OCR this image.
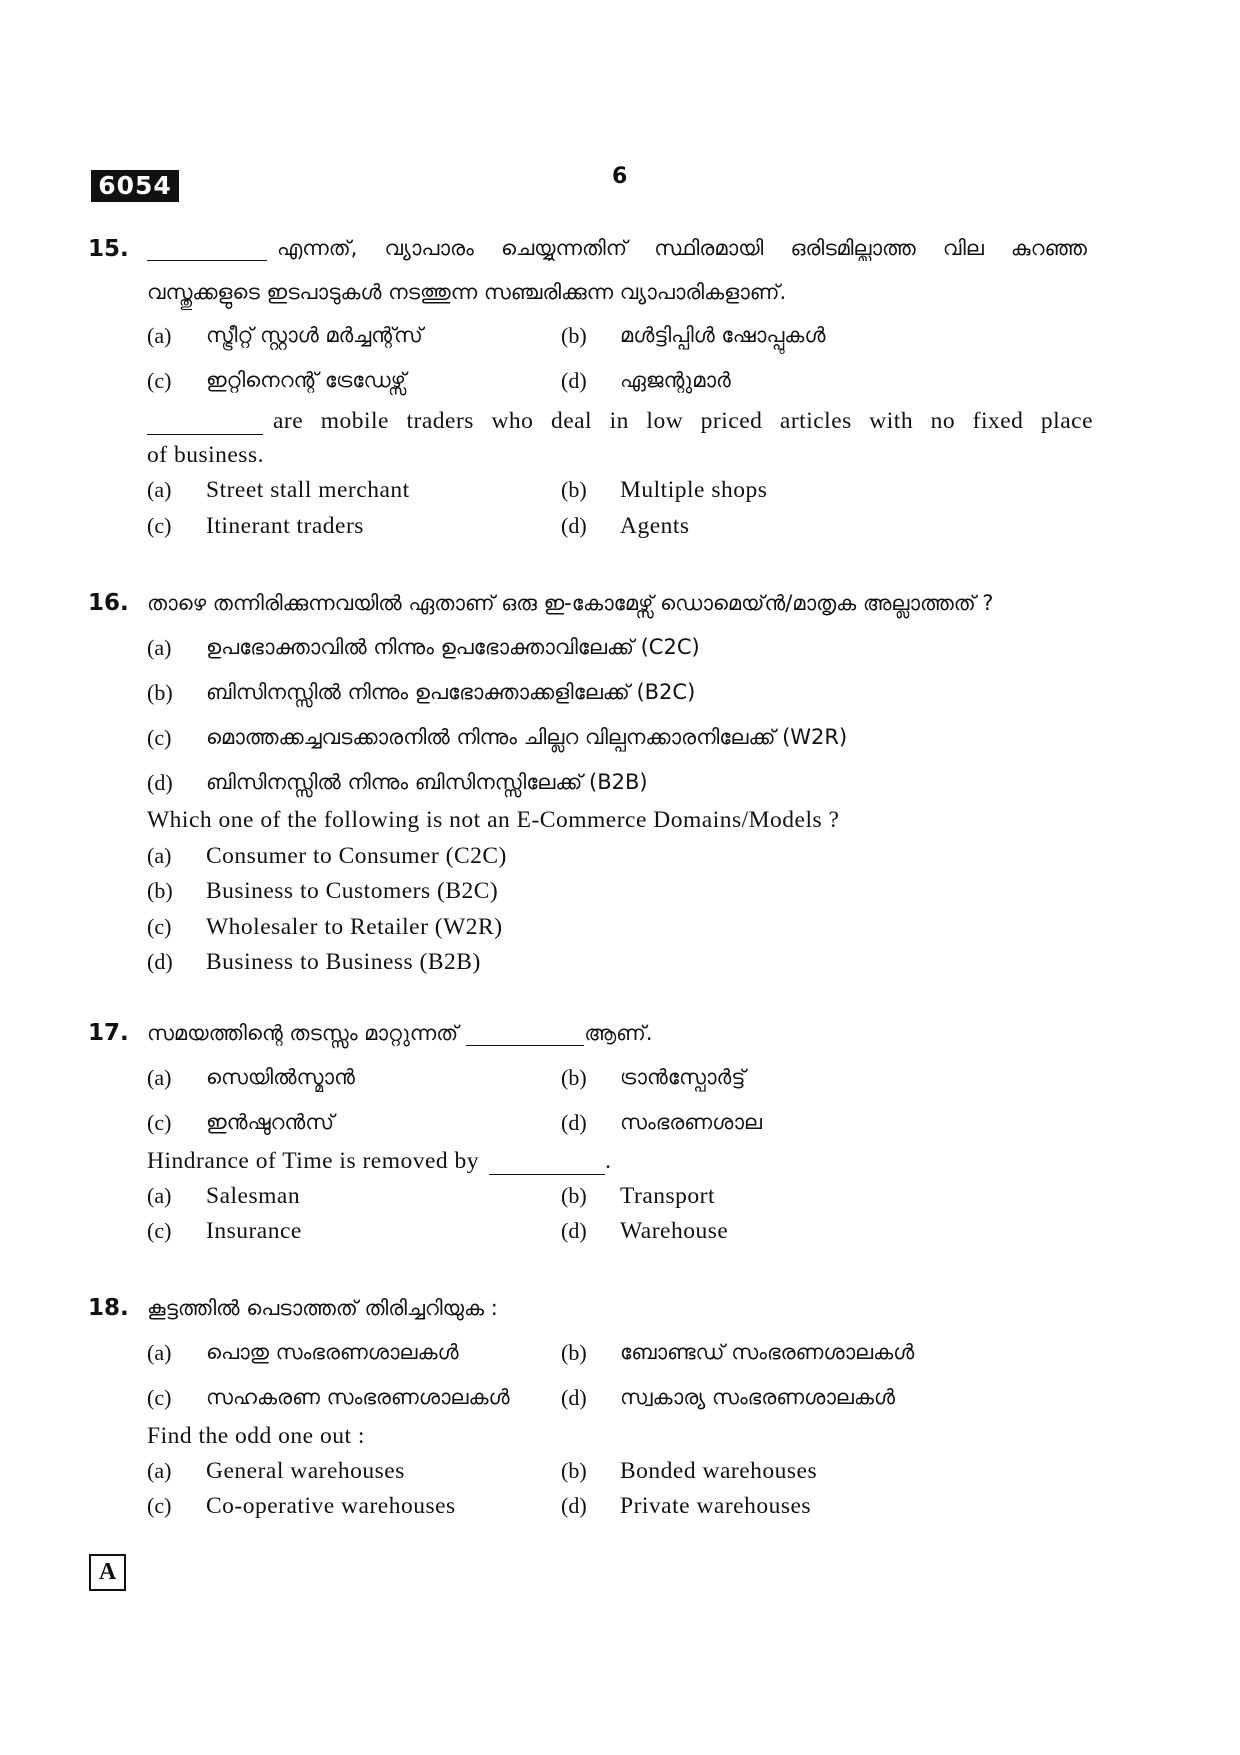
6054	6
15.	എന്നത്, വ്യാപാരം ചെയ്യുന്നതിന് സ്ഥിരമായി ഒരിടമില്ലാത്ത വില കുറഞ്ഞ
വസ്തുക്കളുടെ ഇടപാടുകൾ നടത്തുന്ന സഞ്ചരിക്കുന്ന വ്യാപാരികളാണ്.
(a) സ്ട്രീറ്റ് സ്റ്റാൾ മർച്ചന്റ്സ്	(b) മൾട്ടിപ്പിൾ ഷോപ്പുകൾ
(c) ഇറ്റിനെറന്റ് ട്രേഡേഴ്സ്	(d) ഏജന്റുമാർ
are mobile traders who deal in low priced articles with no fixed place
of business.
(a) Street stall merchant	(b) Multiple shops
(c) Itinerant traders	(d) Agents
16. താഴെ തന്നിരിക്കുന്നവയിൽ ഏതാണ് ഒരു ഇ-കോമേഴ്സ് ഡൊമെയ്ൻ/മാതൃക അല്ലാത്തത് ?
(a) ഉപഭോക്താവിൽ നിന്നും ഉപഭോക്താവിലേക്ക് (C2C)
(b) ബിസിനസ്സിൽ നിന്നും ഉപഭോക്താക്കളിലേക്ക് (B2C)
(c) മൊത്തക്കച്ചവടക്കാരനിൽ നിന്നും ചില്ലറ വില്പനക്കാരനിലേക്ക് (W2R)
(d) ബിസിനസ്സിൽ നിന്നും ബിസിനസ്സിലേക്ക് (B2B)
Which one of the following is not an E-Commerce Domains/Models ?
(a) Consumer to Consumer (C2C)
(b) Business to Customers (B2C)
(c) Wholesaler to Retailer (W2R)
(d) Business to Business (B2B)
17. സമയത്തിന്റെ തടസ്സം മാറ്റുന്നത്	ആണ്.
(a) സെയിൽസ്മാൻ	(b) ട്രാൻസ്പോർട്ട്
(c) ഇൻഷുറൻസ്	(d) സംഭരണശാല
Hindrance of Time is removed by	.
(a) Salesman	(b) Transport
(c) Insurance	(d) Warehouse
18. കൂട്ടത്തിൽ പെടാത്തത് തിരിച്ചറിയുക :
(a) പൊതു സംഭരണശാലകൾ	(b) ബോണ്ടഡ് സംഭരണശാലകൾ
(c) സഹകരണ സംഭരണശാലകൾ (d) സ്വകാര്യ സംഭരണശാലകൾ
Find the odd one out :
(a) General warehouses	(b) Bonded warehouses
(c) Co-operative warehouses	(d) Private warehouses
A
